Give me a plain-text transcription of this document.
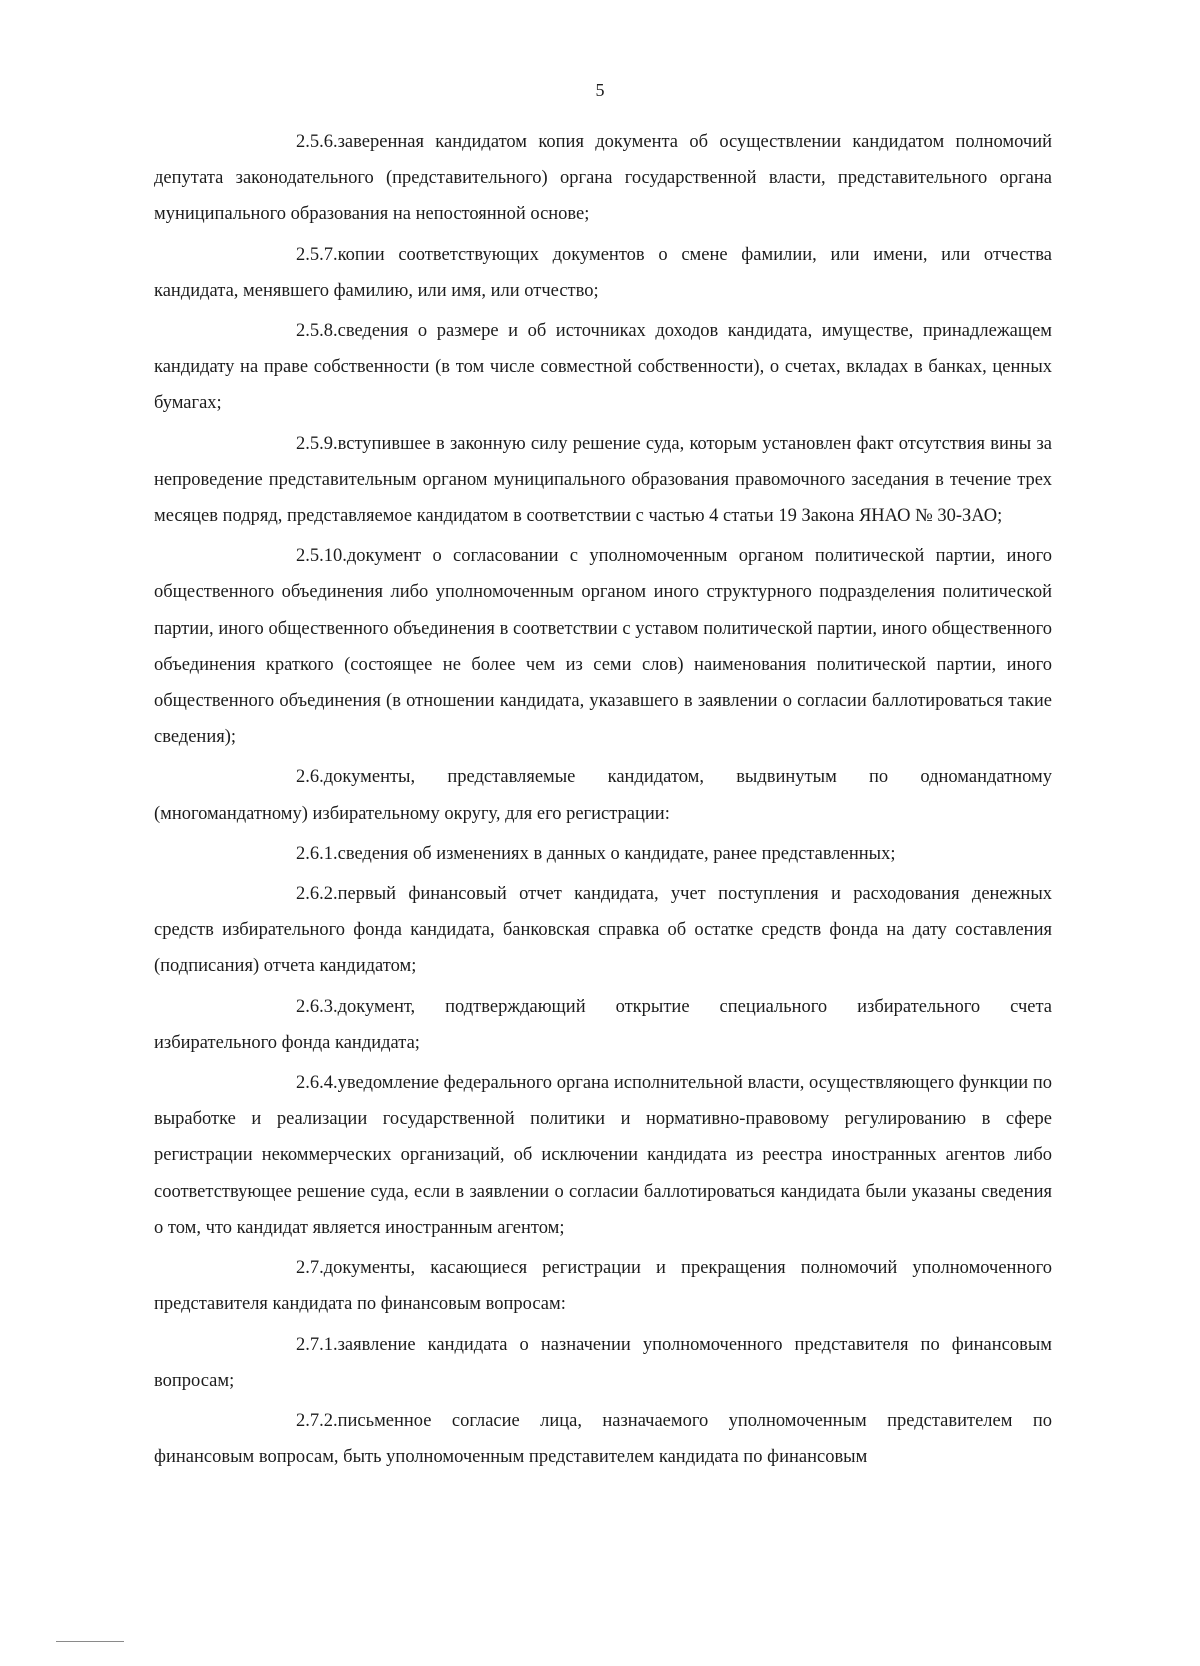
5

2.5.6.заверенная кандидатом копия документа об осуществлении кандидатом полномочий депутата законодательного (представительного) органа государственной власти, представительного органа муниципального образования на непостоянной основе;

2.5.7.копии соответствующих документов о смене фамилии, или имени, или отчества кандидата, менявшего фамилию, или имя, или отчество;

2.5.8.сведения о размере и об источниках доходов кандидата, имуществе, принадлежащем кандидату на праве собственности (в том числе совместной собственности), о счетах, вкладах в банках, ценных бумагах;

2.5.9.вступившее в законную силу решение суда, которым установлен факт отсутствия вины за непроведение представительным органом муниципального образования правомочного заседания в течение трех месяцев подряд, представляемое кандидатом в соответствии с частью 4 статьи 19 Закона ЯНАО № 30-ЗАО;

2.5.10.документ о согласовании с уполномоченным органом политической партии, иного общественного объединения либо уполномоченным органом иного структурного подразделения политической партии, иного общественного объединения в соответствии с уставом политической партии, иного общественного объединения краткого (состоящее не более чем из семи слов) наименования политической партии, иного общественного объединения (в отношении кандидата, указавшего в заявлении о согласии баллотироваться такие сведения);

2.6.документы, представляемые кандидатом, выдвинутым по одномандатному (многомандатному) избирательному округу, для его регистрации:

2.6.1.сведения об изменениях в данных о кандидате, ранее представленных;

2.6.2.первый финансовый отчет кандидата, учет поступления и расходования денежных средств избирательного фонда кандидата, банковская справка об остатке средств фонда на дату составления (подписания) отчета кандидатом;

2.6.3.документ, подтверждающий открытие специального избирательного счета избирательного фонда кандидата;

2.6.4.уведомление федерального органа исполнительной власти, осуществляющего функции по выработке и реализации государственной политики и нормативно-правовому регулированию в сфере регистрации некоммерческих организаций, об исключении кандидата из реестра иностранных агентов либо соответствующее решение суда, если в заявлении о согласии баллотироваться кандидата были указаны сведения о том, что кандидат является иностранным агентом;

2.7.документы, касающиеся регистрации и прекращения полномочий уполномоченного представителя кандидата по финансовым вопросам:

2.7.1.заявление кандидата о назначении уполномоченного представителя по финансовым вопросам;

2.7.2.письменное согласие лица, назначаемого уполномоченным представителем по финансовым вопросам, быть уполномоченным представителем кандидата по финансовым
